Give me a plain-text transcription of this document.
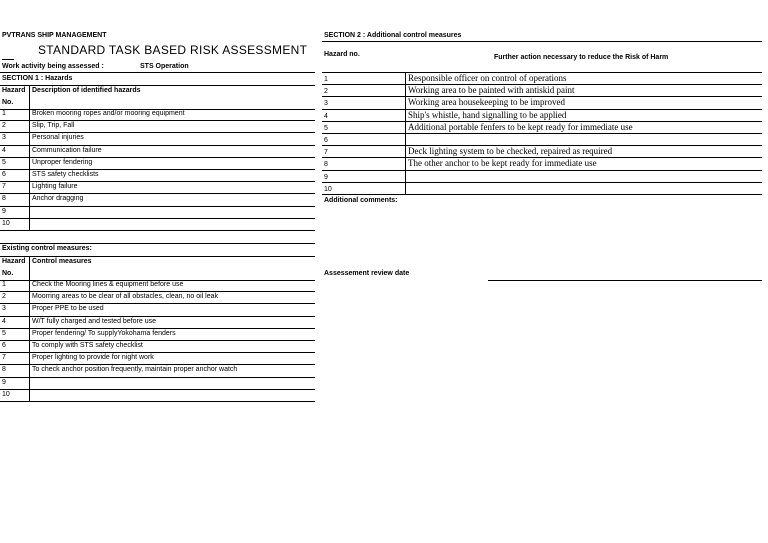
PVTRANS SHIP MANAGEMENT
STANDARD TASK BASED RISK ASSESSMENT
Work activity being assessed :	STS Operation
SECTION 1 : Hazards
Hazard
No.
Description of identified hazards
1	Broken mooring ropes and/or mooring equipment
2	Slip, Trip, Fall
3	Personal injuries
4	Communication failure
5	Unproper fendering
6	STS safety checklists
7	Lighting failure
8	Anchor dragging
9
10
Existing control measures:
Hazard
No.
Control measures
1	Check the Mooring lines & equipment before use
2	Moorring areas to be clear of all obstacles, clean, no oil leak
3	Proper PPE to be used
4	W/T fully charged and tested before use
5	Proper fendering/ To supplyYokohama fenders
6	To comply with STS safety checklist
7	Proper lighting to provide for night work
8	To check anchor position frequently, maintain proper anchor watch
9
10
SECTION 2 : Additional control measures
Hazard no.	Further action necessary to reduce the Risk of Harm
1	Responsible officer on control of operations
2	Working area to be painted with antiskid paint
3	Working area housekeeping to be improved
4	Ship's whistle, hand signalling to be applied
5	Additional portable fenfers to be kept ready for immediate use
6
7	Deck lighting system to be checked, repaired as required
8	The other anchor to be kept ready for immediate use
9
10
Additional comments:
Assessement review date
